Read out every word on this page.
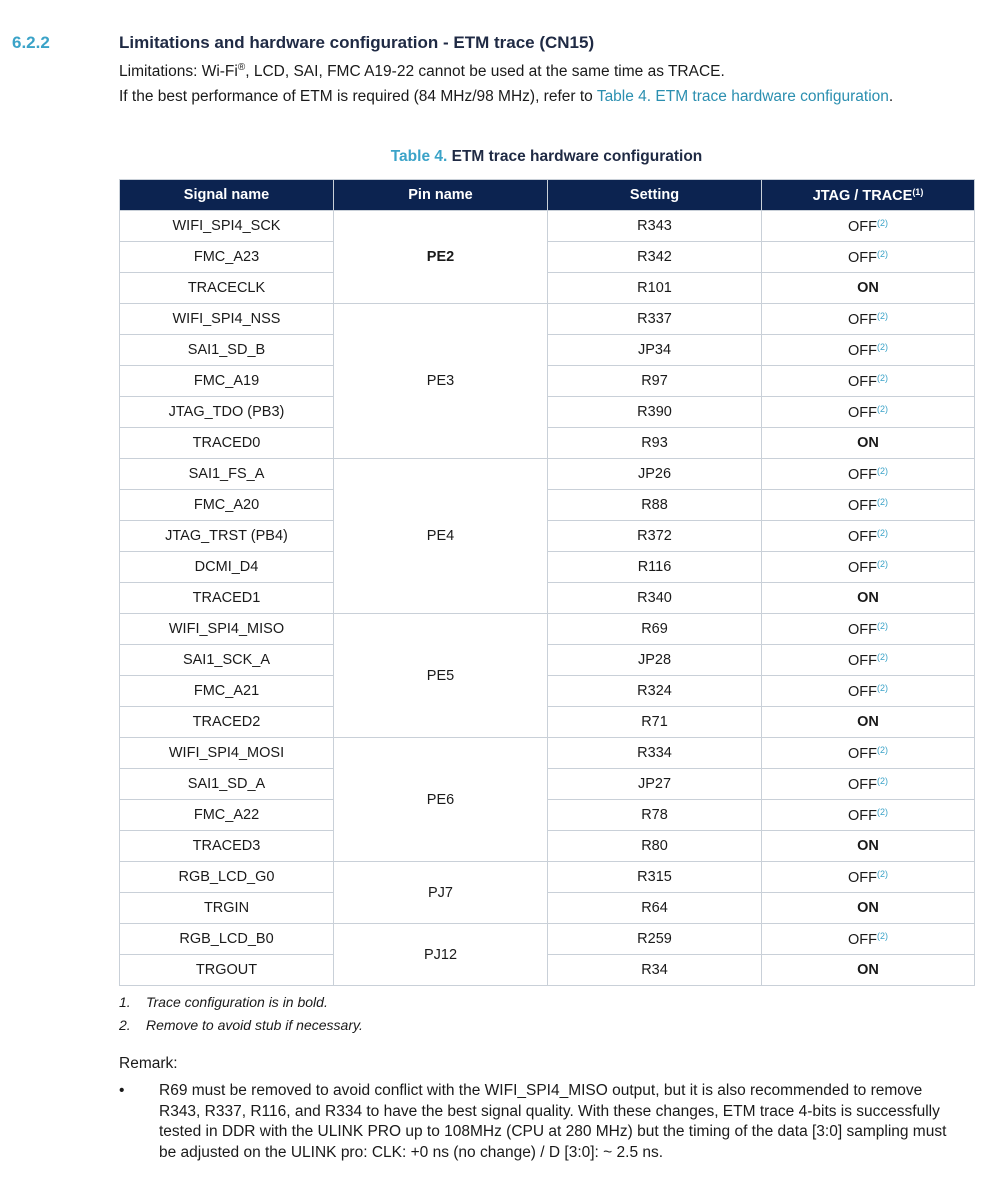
6.2.2	Limitations and hardware configuration - ETM trace (CN15)
Limitations: Wi-Fi®, LCD, SAI, FMC A19-22 cannot be used at the same time as TRACE.
If the best performance of ETM is required (84 MHz/98 MHz), refer to Table 4. ETM trace hardware configuration.
Table 4. ETM trace hardware configuration
Signal name	Pin name	Setting	JTAG / TRACE$^{(1)}$
WIFI_SPI4_SCK	PE2	R343	OFF$^{(2)}$
FMC_A23		R342	OFF$^{(2)}$
TRACECLK		R101	ON
WIFI_SPI4_NSS	PE3	R337	OFF$^{(2)}$
SAI1_SD_B		JP34	OFF$^{(2)}$
FMC_A19		R97	OFF$^{(2)}$
JTAG_TDO (PB3)		R390	OFF$^{(2)}$
TRACED0		R93	ON
SAI1_FS_A	PE4	JP26	OFF$^{(2)}$
FMC_A20		R88	OFF$^{(2)}$
JTAG_TRST (PB4)		R372	OFF$^{(2)}$
DCMI_D4		R116	OFF$^{(2)}$
TRACED1		R340	ON
WIFI_SPI4_MISO	PE5	R69	OFF$^{(2)}$
SAI1_SCK_A		JP28	OFF$^{(2)}$
FMC_A21		R324	OFF$^{(2)}$
TRACED2		R71	ON
WIFI_SPI4_MOSI	PE6	R334	OFF$^{(2)}$
SAI1_SD_A		JP27	OFF$^{(2)}$
FMC_A22		R78	OFF$^{(2)}$
TRACED3		R80	ON
RGB_LCD_G0	PJ7	R315	OFF$^{(2)}$
TRGIN		R64	ON
RGB_LCD_B0	PJ12	R259	OFF$^{(2)}$
TRGOUT		R34	ON
1. Trace configuration is in bold.
2. Remove to avoid stub if necessary.
Remark:
• R69 must be removed to avoid conflict with the WIFI_SPI4_MISO output, but it is also recommended to remove R343, R337, R116, and R334 to have the best signal quality. With these changes, ETM trace 4-bits is successfully tested in DDR with the ULINK PRO up to 108MHz (CPU at 280 MHz) but the timing of the data [3:0] sampling must be adjusted on the ULINK pro: CLK: +0 ns (no change) / D [3:0]: ~ 2.5 ns.
